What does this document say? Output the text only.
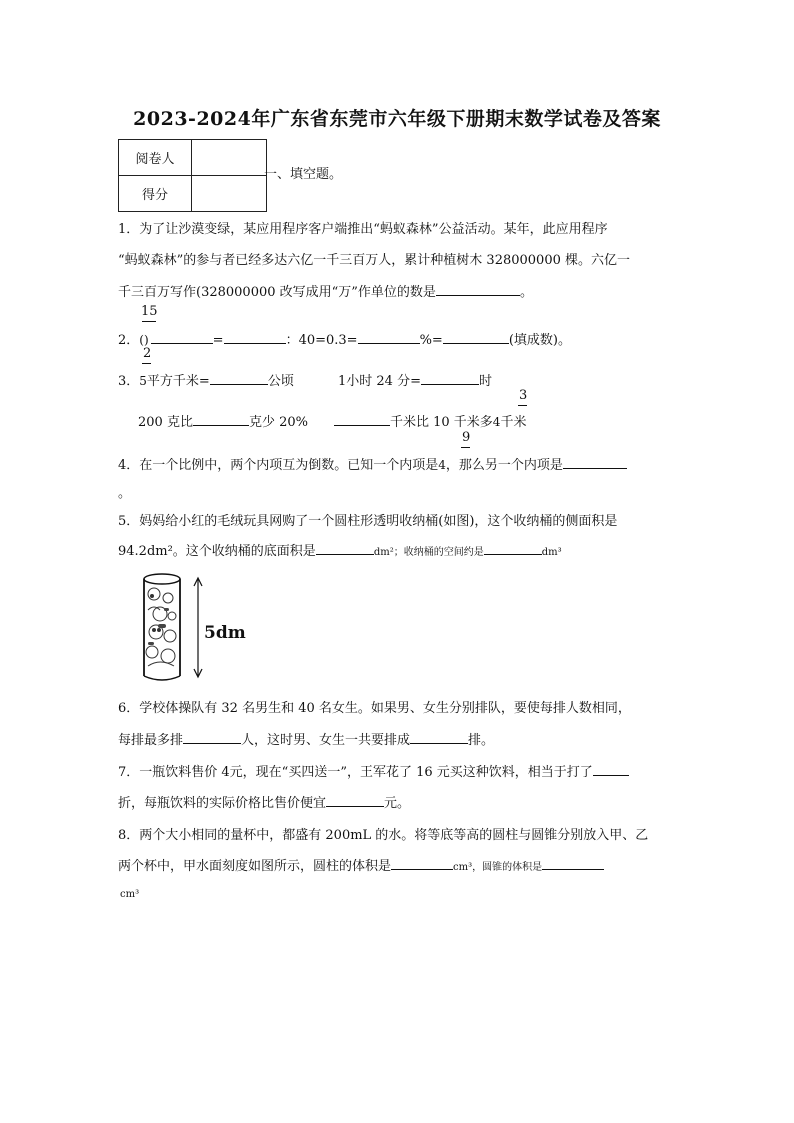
2023-2024年广东省东莞市六年级下册期末数学试卷及答案
阅卷人	
得分	
一、填空题。
1．为了让沙漠变绿，某应用程序客户端推出“蚂蚁森林”公益活动。某年，此应用程序
“蚂蚁森林”的参与者已经多达六亿一千三百万人，累计种植树木 328000000 棵。六亿一
千三百万写作(328000000 改写成用“万”作单位的数是	。
15
2．()	=	：40=0.3=	%=	(填成数)。
2
3．5平方千米=	公顷	1小时 24 分=	时
3
200 克比	克少 20%	千米比 10 千米多4千米
9
4．在一个比例中，两个内项互为倒数。已知一个内项是4，那么另一个内项是
。
5．妈妈给小红的毛绒玩具网购了一个圆柱形透明收纳桶(如图)，这个收纳桶的侧面积是
94.2dm²。这个收纳桶的底面积是	dm²；收纳桶的空间约是	dm³
5dm
6．学校体操队有 32 名男生和 40 名女生。如果男、女生分别排队，要使每排人数相同，
每排最多排	人，这时男、女生一共要排成	排。
7．一瓶饮料售价 4元，现在“买四送一”，王军花了 16 元买这种饮料，相当于打了
折，每瓶饮料的实际价格比售价便宜	元。
8．两个大小相同的量杯中，都盛有 200mL 的水。将等底等高的圆柱与圆锥分别放入甲、乙
两个杯中，甲水面刻度如图所示，圆柱的体积是	cm³，圆锥的体积是
cm³
